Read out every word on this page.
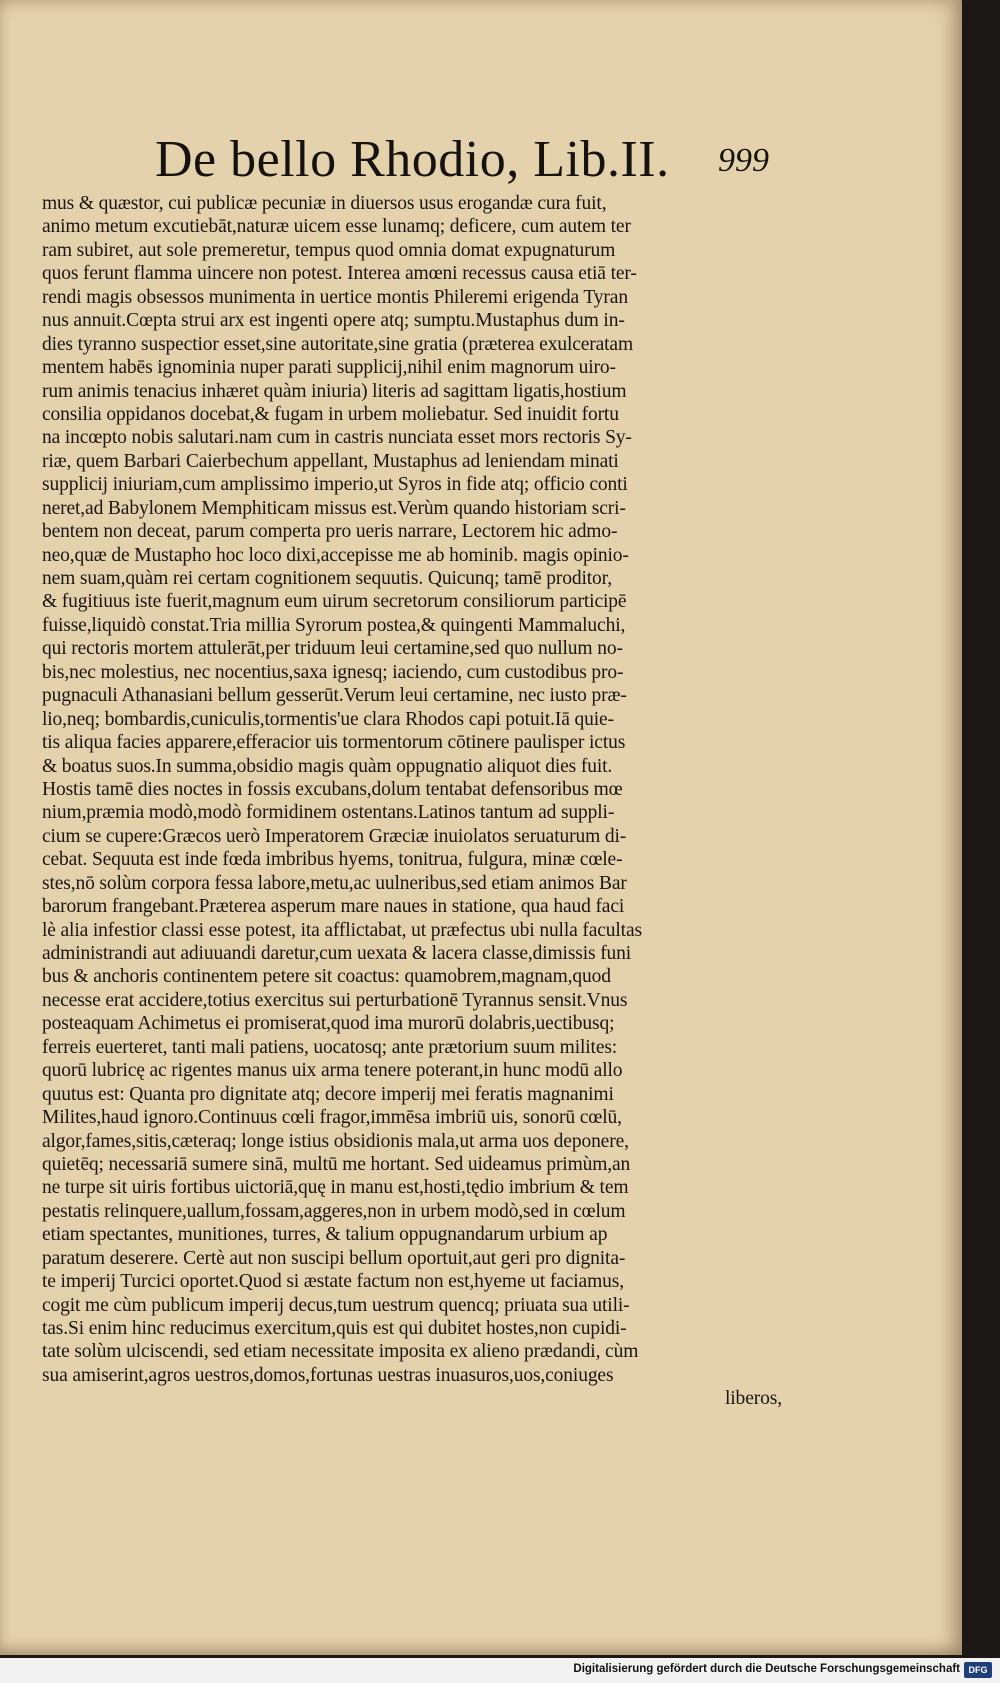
De bello Rhodio, Lib.II. 999
mus & quæstor, cui publicæ pecuniæ in diuersos usus erogandæ cura fuit,
animo metum excutiebāt,naturæ uicem esse lunamq; deficere, cum autem ter
ram subiret, aut sole premeretur, tempus quod omnia domat expugnaturum
quos ferunt flamma uincere non potest. Interea amœni recessus causa etiā ter-
rendi magis obsessos munimenta in uertice montis Phileremi erigenda Tyran
nus annuit.Cœpta strui arx est ingenti opere atq; sumptu.Mustaphus dum in-
dies tyranno suspectior esset,sine autoritate,sine gratia (præterea exulceratam
mentem habēs ignominia nuper parati supplicij,nihil enim magnorum uiro-
rum animis tenacius inhæret quàm iniuria) literis ad sagittam ligatis,hostium
consilia oppidanos docebat,& fugam in urbem moliebatur. Sed inuidit fortu
na incœpto nobis salutari.nam cum in castris nunciata esset mors rectoris Sy-
riæ, quem Barbari Caierbechum appellant, Mustaphus ad leniendam minati
supplicij iniuriam,cum amplissimo imperio,ut Syros in fide atq; officio conti
neret,ad Babylonem Memphiticam missus est.Verùm quando historiam scri-
bentem non deceat, parum comperta pro ueris narrare, Lectorem hic admo-
neo,quæ de Mustapho hoc loco dixi,accepisse me ab hominib. magis opinio-
nem suam,quàm rei certam cognitionem sequutis. Quicunq; tamē proditor,
& fugitiuus iste fuerit,magnum eum uirum secretorum consiliorum participē
fuisse,liquidò constat.Tria millia Syrorum postea,& quingenti Mammaluchi,
qui rectoris mortem attulerāt,per triduum leui certamine,sed quo nullum no-
bis,nec molestius, nec nocentius,saxa ignesq; iaciendo, cum custodibus pro-
pugnaculi Athanasiani bellum gesserūt.Verum leui certamine, nec iusto præ-
lio,neq; bombardis,cuniculis,tormentis'ue clara Rhodos capi potuit.Iā quie-
tis aliqua facies apparere,efferacior uis tormentorum cōtinere paulisper ictus
& boatus suos.In summa,obsidio magis quàm oppugnatio aliquot dies fuit.
Hostis tamē dies noctes in fossis excubans,dolum tentabat defensoribus mœ
nium,præmia modò,modò formidinem ostentans.Latinos tantum ad suppli-
cium se cupere:Græcos uerò Imperatorem Græciæ inuiolatos seruaturum di-
cebat. Sequuta est inde fœda imbribus hyems, tonitrua, fulgura, minæ cœle-
stes,nō solùm corpora fessa labore,metu,ac uulneribus,sed etiam animos Bar
barorum frangebant.Præterea asperum mare naues in statione, qua haud faci
lè alia infestior classi esse potest, ita afflictabat, ut præfectus ubi nulla facultas
administrandi aut adiuuandi daretur,cum uexata & lacera classe,dimissis funi
bus & anchoris continentem petere sit coactus: quamobrem,magnam,quod
necesse erat accidere,totius exercitus sui perturbationē Tyrannus sensit.Vnus
posteaquam Achimetus ei promiserat,quod ima murorū dolabris,uectibusq;
ferreis euerteret, tanti mali patiens, uocatosq; ante prætorium suum milites:
quorū lubricę ac rigentes manus uix arma tenere poterant,in hunc modū allo
quutus est: Quanta pro dignitate atq; decore imperij mei feratis magnanimi
Milites,haud ignoro.Continuus cœli fragor,immēsa imbriū uis, sonorū cœlū,
algor,fames,sitis,cæteraq; longe istius obsidionis mala,ut arma uos deponere,
quietēq; necessariā sumere sinā, multū me hortant. Sed uideamus primùm,an
ne turpe sit uiris fortibus uictoriā,quę in manu est,hosti,tędio imbrium & tem
pestatis relinquere,uallum,fossam,aggeres,non in urbem modò,sed in cœlum
etiam spectantes, munitiones, turres, & talium oppugnandarum urbium ap
paratum deserere. Certè aut non suscipi bellum oportuit,aut geri pro dignita-
te imperij Turcici oportet.Quod si æstate factum non est,hyeme ut faciamus,
cogit me cùm publicum imperij decus,tum uestrum quencq; priuata sua utili-
tas.Si enim hinc reducimus exercitum,quis est qui dubitet hostes,non cupidi-
tate solùm ulciscendi, sed etiam necessitate imposita ex alieno prædandi, cùm
sua amiserint,agros uestros,domos,fortunas uestras inuasuros,uos,coniuges
liberos,
Digitalisierung gefördert durch die Deutsche Forschungsgemeinschaft DFG
